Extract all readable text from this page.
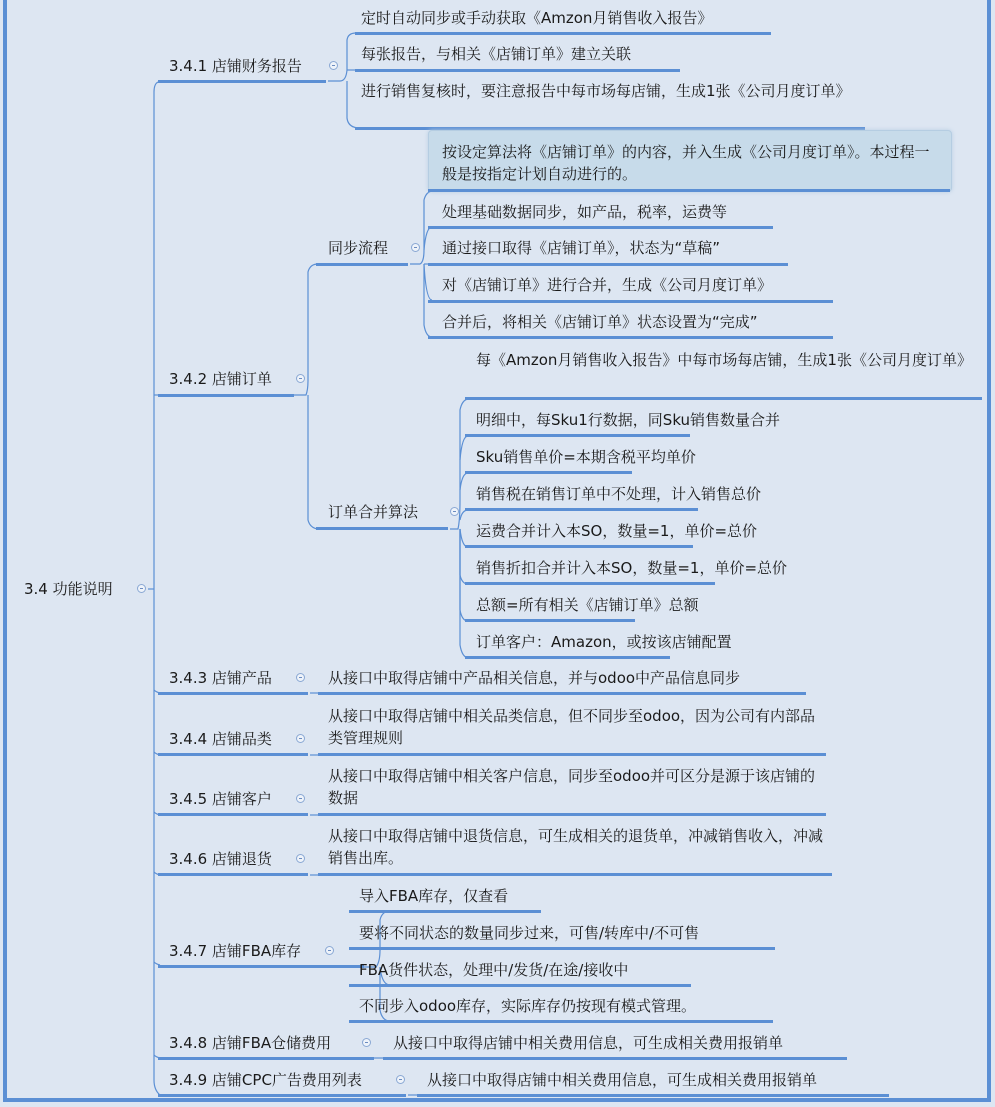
3.4 功能说明
3.4.1 店铺财务报告
定时自动同步或手动获取《Amzon月销售收入报告》
每张报告，与相关《店铺订单》建立关联
进行销售复核时，要注意报告中每市场每店铺，生成1张《公司月度订单》
3.4.2 店铺订单
同步流程
按设定算法将《店铺订单》的内容，并入生成《公司月度订单》。本过程一般是按指定计划自动进行的。
处理基础数据同步，如产品，税率，运费等
通过接口取得《店铺订单》，状态为“草稿”
对《店铺订单》进行合并，生成《公司月度订单》
合并后，将相关《店铺订单》状态设置为“完成”
订单合并算法
每《Amzon月销售收入报告》中每市场每店铺，生成1张《公司月度订单》
明细中，每Sku1行数据，同Sku销售数量合并
Sku销售单价=本期含税平均单价
销售税在销售订单中不处理，计入销售总价
运费合并计入本SO，数量=1，单价=总价
销售折扣合并计入本SO，数量=1，单价=总价
总额=所有相关《店铺订单》总额
订单客户：Amazon，或按该店铺配置
3.4.3 店铺产品	从接口中取得店铺中产品相关信息，并与odoo中产品信息同步
3.4.4 店铺品类
从接口中取得店铺中相关品类信息，但不同步至odoo，因为公司有内部品类管理规则
3.4.5 店铺客户
从接口中取得店铺中相关客户信息，同步至odoo并可区分是源于该店铺的数据
3.4.6 店铺退货
从接口中取得店铺中退货信息，可生成相关的退货单，冲减销售收入，冲减销售出库。
3.4.7 店铺FBA库存
导入FBA库存，仅查看
要将不同状态的数量同步过来，可售/转库中/不可售
FBA货件状态，处理中/发货/在途/接收中
不同步入odoo库存，实际库存仍按现有模式管理。
3.4.8 店铺FBA仓储费用	从接口中取得店铺中相关费用信息，可生成相关费用报销单
3.4.9 店铺CPC广告费用列表	从接口中取得店铺中相关费用信息，可生成相关费用报销单
